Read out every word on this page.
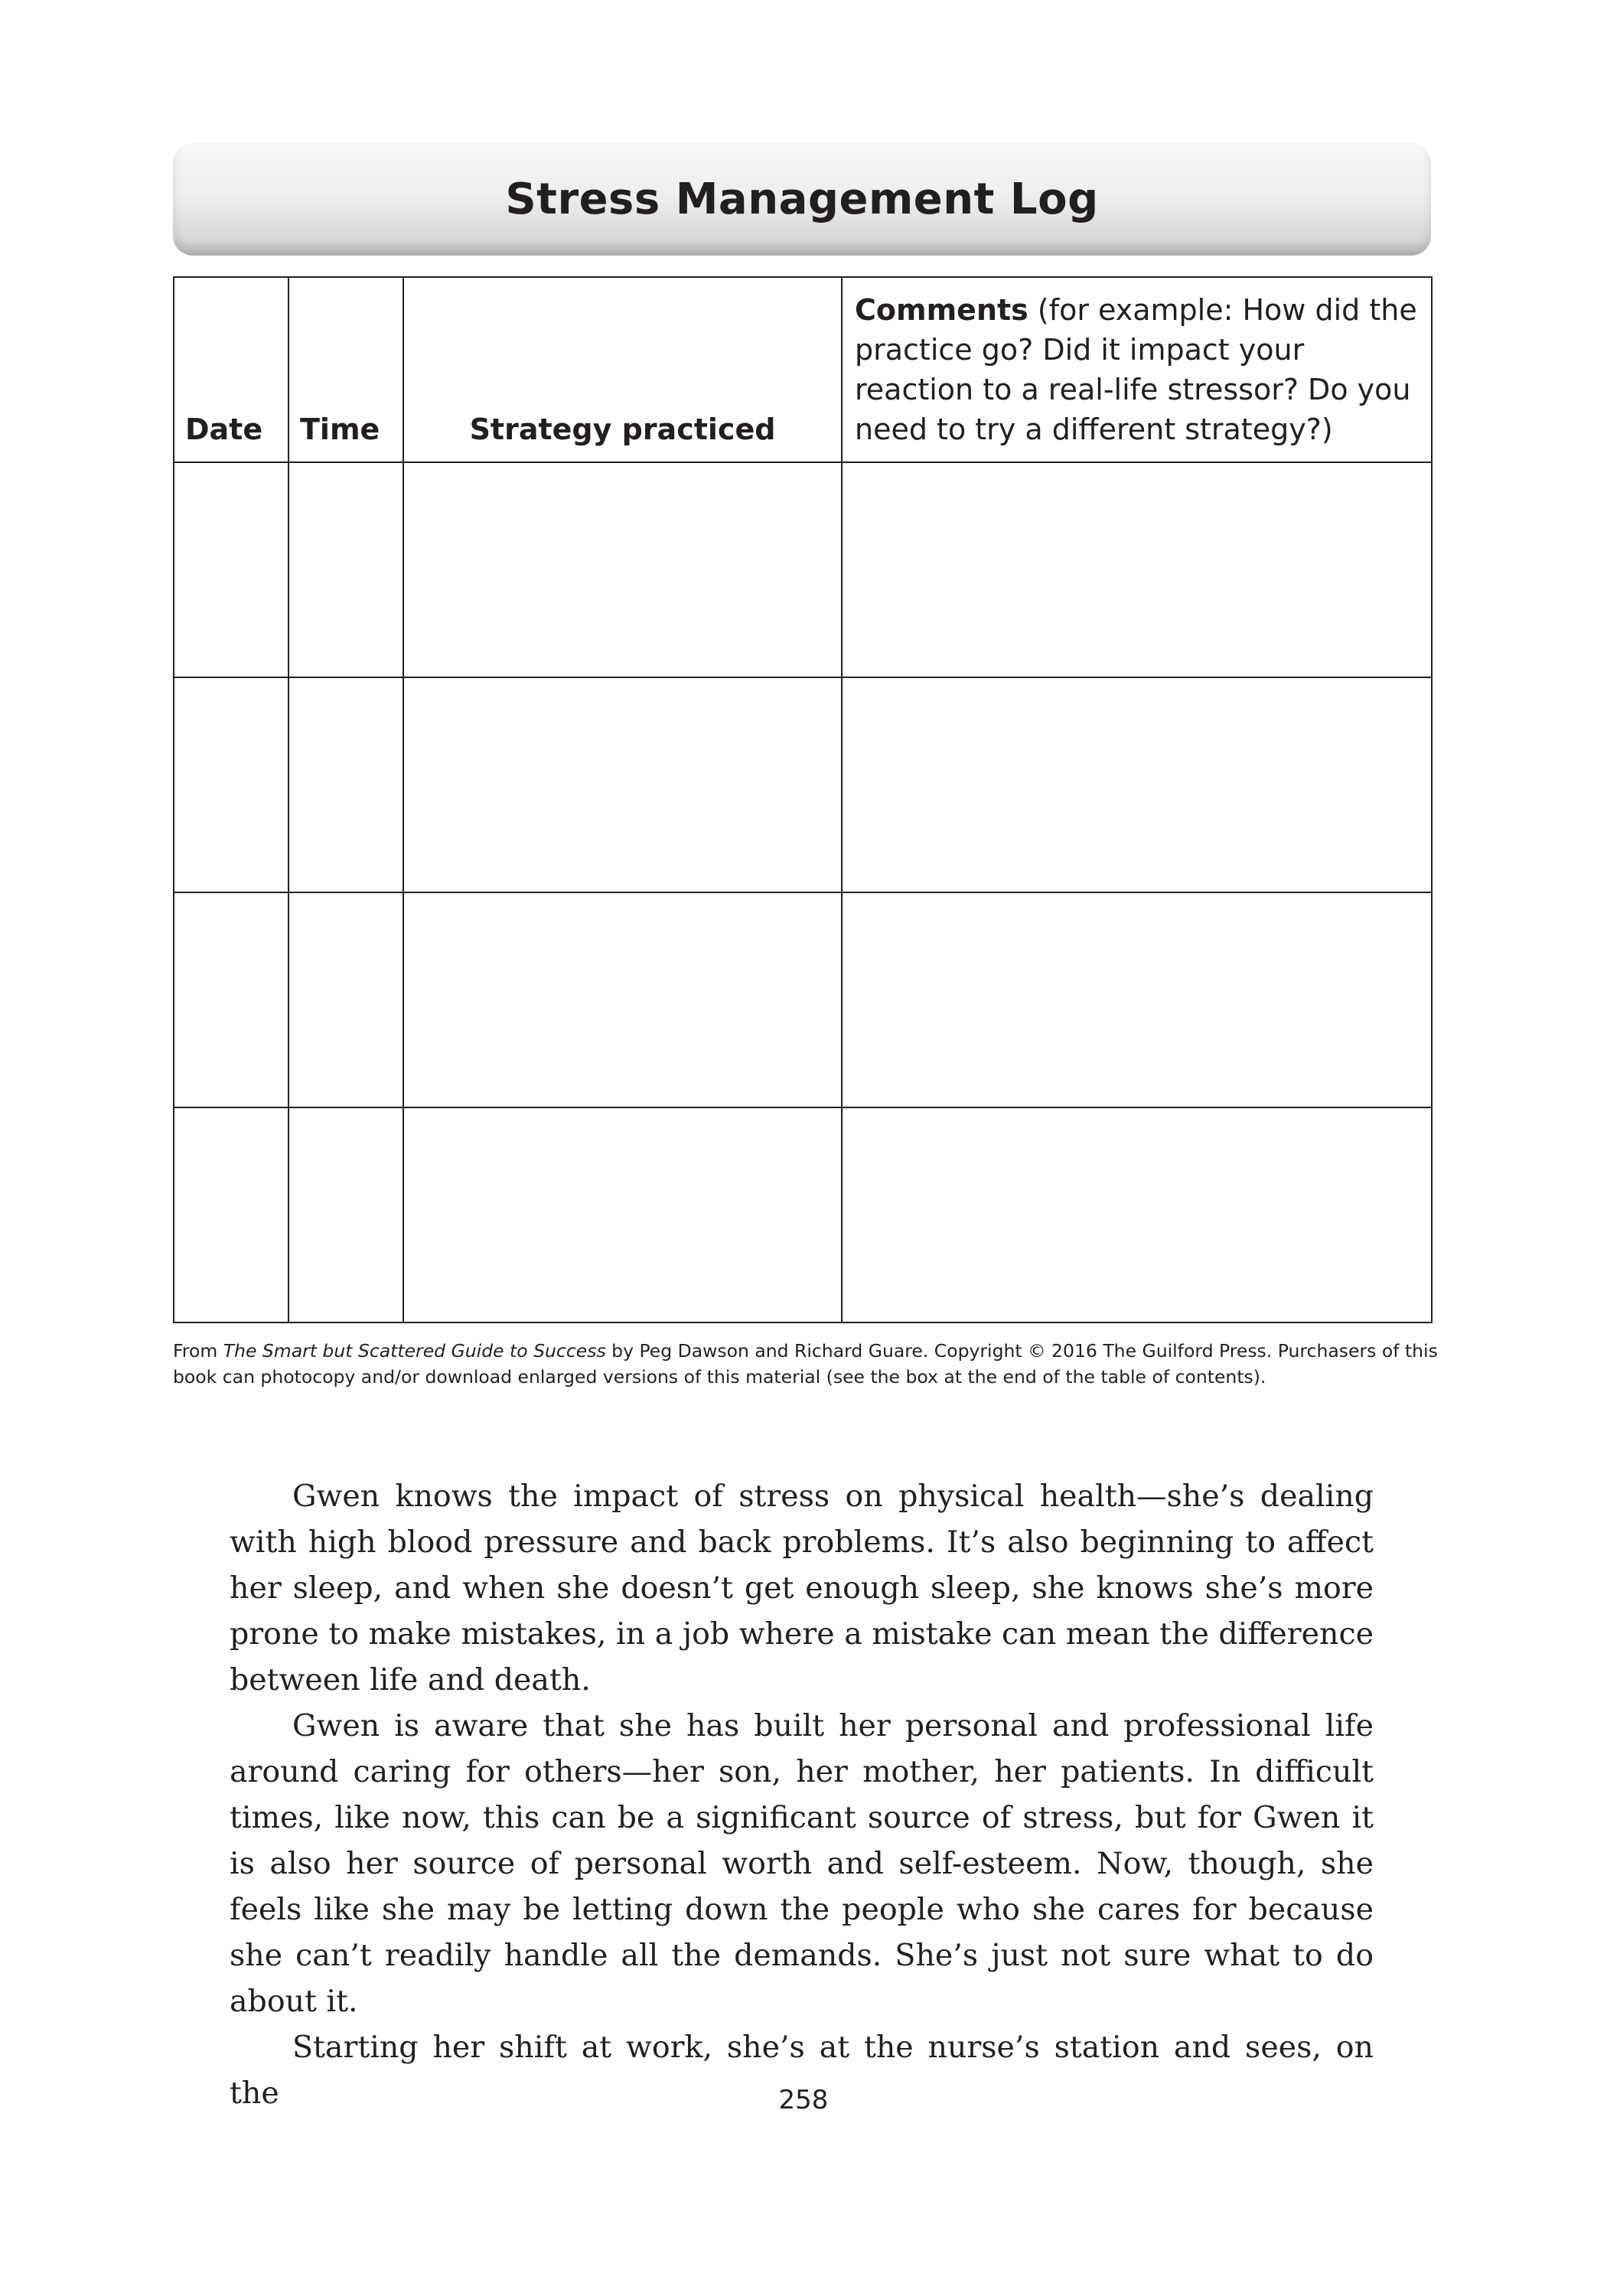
Stress Management Log
Date	Time	Strategy practiced	Comments (for example: How did the practice go? Did it impact your reaction to a real-life stressor? Do you need to try a different strategy?)

From The Smart but Scattered Guide to Success by Peg Dawson and Richard Guare. Copyright © 2016 The Guilford Press. Purchasers of this book can photocopy and/or download enlarged versions of this material (see the box at the end of the table of contents).

Gwen knows the impact of stress on physical health—she’s dealing with high blood pressure and back problems. It’s also beginning to affect her sleep, and when she doesn’t get enough sleep, she knows she’s more prone to make mistakes, in a job where a mistake can mean the difference between life and death.

Gwen is aware that she has built her personal and professional life around caring for others—her son, her mother, her patients. In difficult times, like now, this can be a significant source of stress, but for Gwen it is also her source of personal worth and self-esteem. Now, though, she feels like she may be letting down the people who she cares for because she can’t readily handle all the demands. She’s just not sure what to do about it.

Starting her shift at work, she’s at the nurse’s station and sees, on the	258
